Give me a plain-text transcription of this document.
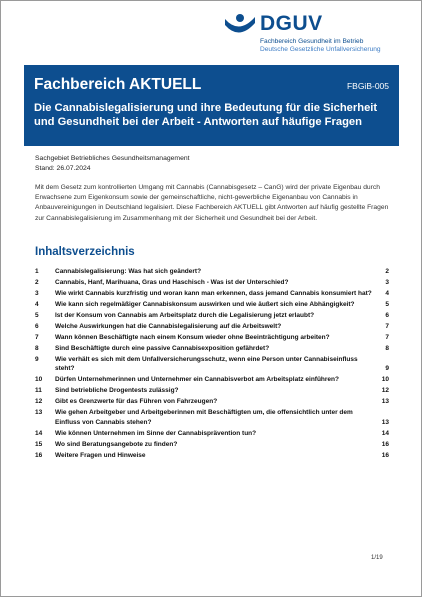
DGUV
Fachbereich Gesundheit im Betrieb
Deutsche Gesetzliche Unfallversicherung
Fachbereich AKTUELL	FBGiB-005
Die Cannabislegalisierung und ihre Bedeutung für die Sicherheit und Gesundheit bei der Arbeit - Antworten auf häufige Fragen
Sachgebiet Betriebliches Gesundheitsmanagement
Stand: 26.07.2024
Mit dem Gesetz zum kontrollierten Umgang mit Cannabis (Cannabisgesetz – CanG) wird der private Eigenbau durch Erwachsene zum Eigenkonsum sowie der gemeinschaftliche, nicht-gewerbliche Eigenanbau von Cannabis in Anbauvereinigungen in Deutschland legalisiert. Diese Fachbereich AKTUELL gibt Antworten auf häufig gestellte Fragen zur Cannabislegalisierung im Zusammenhang mit der Sicherheit und Gesundheit bei der Arbeit.
Inhaltsverzeichnis
1	Cannabislegalisierung: Was hat sich geändert?	2
2	Cannabis, Hanf, Marihuana, Gras und Haschisch - Was ist der Unterschied?	3
3	Wie wirkt Cannabis kurzfristig und woran kann man erkennen, dass jemand Cannabis konsumiert hat?	4
4	Wie kann sich regelmäßiger Cannabiskonsum auswirken und wie äußert sich eine Abhängigkeit?	5
5	Ist der Konsum von Cannabis am Arbeitsplatz durch die Legalisierung jetzt erlaubt?	6
6	Welche Auswirkungen hat die Cannabislegalisierung auf die Arbeitswelt?	7
7	Wann können Beschäftigte nach einem Konsum wieder ohne Beeinträchtigung arbeiten?	7
8	Sind Beschäftigte durch eine passive Cannabisexposition gefährdet?	8
9	Wie verhält es sich mit dem Unfallversicherungsschutz, wenn eine Person unter Cannabiseinfluss steht?	9
10	Dürfen Unternehmerinnen und Unternehmer ein Cannabisverbot am Arbeitsplatz einführen?	10
11	Sind betriebliche Drogentests zulässig?	12
12	Gibt es Grenzwerte für das Führen von Fahrzeugen?	13
13	Wie gehen Arbeitgeber und Arbeitgeberinnen mit Beschäftigten um, die offensichtlich unter dem Einfluss von Cannabis stehen?	13
14	Wie können Unternehmen im Sinne der Cannabisprävention tun?	14
15	Wo sind Beratungsangebote zu finden?	16
16	Weitere Fragen und Hinweise	16
1/19
